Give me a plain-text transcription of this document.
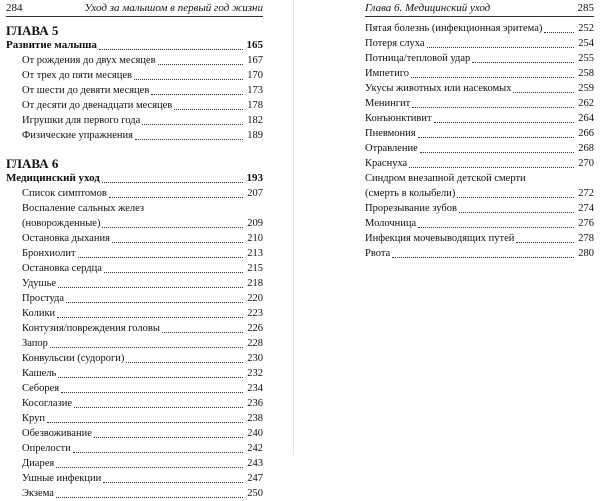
284	Уход за малышом в первый год жизни
ГЛАВА 5
Развитие малыша	165
От рождения до двух месяцев	167
От трех до пяти месяцев	170
От шести до девяти месяцев	173
От десяти до двенадцати месяцев	178
Игрушки для первого года	182
Физические упражнения	189
ГЛАВА 6
Медицинский уход	193
Список симптомов	207
Воспаление сальных желез
(новорожденные)	209
Остановка дыхания	210
Бронхиолит	213
Остановка сердца	215
Удушье	218
Простуда	220
Колики	223
Контузия/повреждения головы	226
Запор	228
Конвульсии (судороги)	230
Кашель	232
Себорея	234
Косоглазие	236
Круп	238
Обезвоживание	240
Опрелости	242
Диарея	243
Ушные инфекции	247
Экзема	250
Глава 6. Медицинский уход	285
Пятая болезнь (инфекционная эритема)	252
Потеря слуха	254
Потница/тепловой удар	255
Импетиго	258
Укусы животных или насекомых	259
Менингит	262
Конъюнктивит	264
Пневмония	266
Отравление	268
Краснуха	270
Синдром внезапной детской смерти
(смерть в колыбели)	272
Прорезывание зубов	274
Молочница	276
Инфекция мочевыводящих путей	278
Рвота	280
